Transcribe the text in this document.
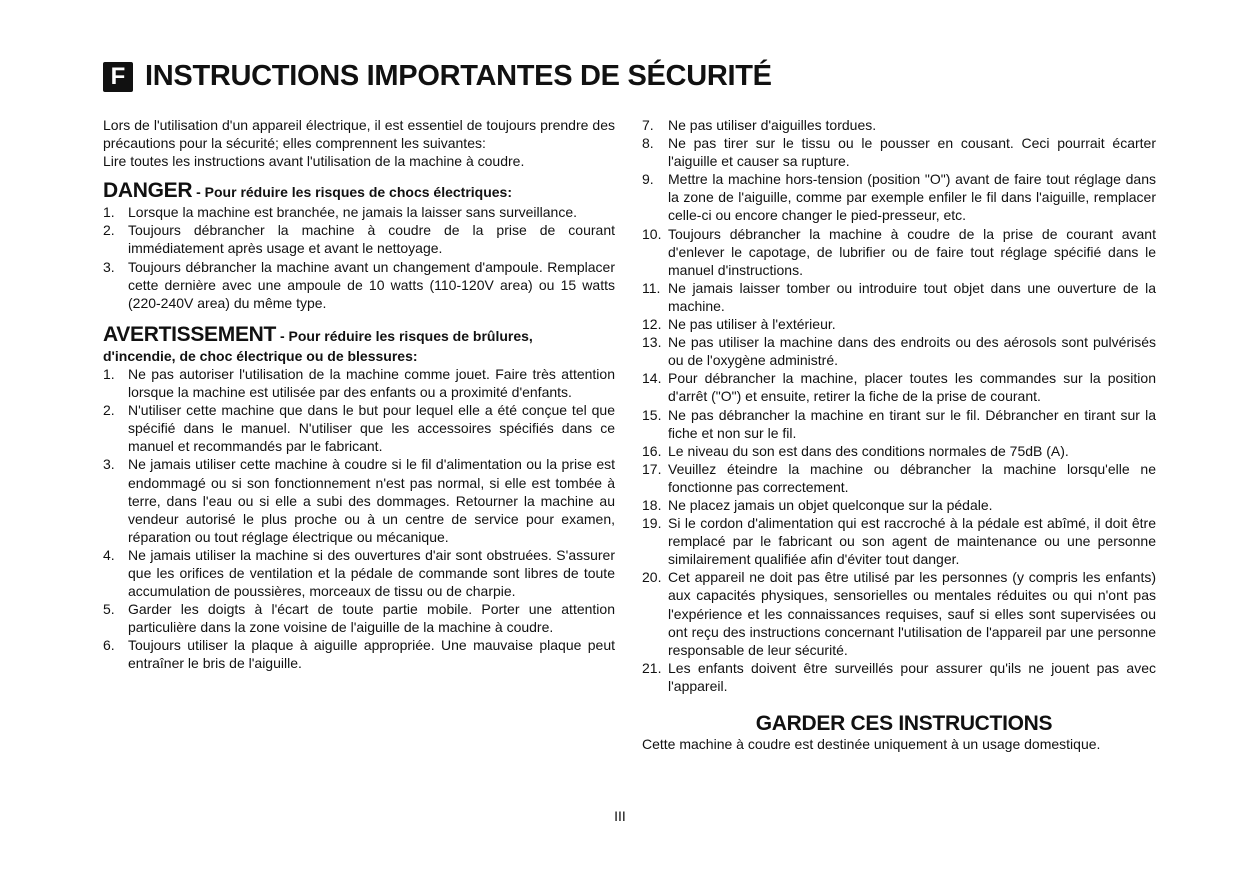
F INSTRUCTIONS IMPORTANTES DE SÉCURITÉ

Lors de l'utilisation d'un appareil électrique, il est essentiel de toujours prendre des précautions pour la sécurité; elles comprennent les suivantes:

Lire toutes les instructions avant l'utilisation de la machine à coudre.

DANGER - Pour réduire les risques de chocs électriques:
1. Lorsque la machine est branchée, ne jamais la laisser sans surveillance.
2. Toujours débrancher la machine à coudre de la prise de courant immédiatement après usage et avant le nettoyage.
3. Toujours débrancher la machine avant un changement d'ampoule. Remplacer cette dernière avec une ampoule de 10 watts (110-120V area) ou 15 watts (220-240V area) du même type.
AVERTISSEMENT - Pour réduire les risques de brûlures,

d'incendie, de choc électrique ou de blessures:

1. Ne pas autoriser l'utilisation de la machine comme jouet. Faire très attention lorsque la machine est utilisée par des enfants ou a proximité d'enfants.
2. N'utiliser cette machine que dans le but pour lequel elle a été conçue tel que spécifié dans le manuel. N'utiliser que les accessoires spécifiés dans ce manuel et recommandés par le fabricant.
3. Ne jamais utiliser cette machine à coudre si le fil d'alimentation ou la prise est endommagé ou si son fonctionnement n'est pas normal, si elle est tombée à terre, dans l'eau ou si elle a subi des dommages. Retourner la machine au vendeur autorisé le plus proche ou à un centre de service pour examen, réparation ou tout réglage électrique ou mécanique.
4. Ne jamais utiliser la machine si des ouvertures d'air sont obstruées. S'assurer que les orifices de ventilation et la pédale de commande sont libres de toute accumulation de poussières, morceaux de tissu ou de charpie.
5. Garder les doigts à l'écart de toute partie mobile. Porter une attention particulière dans la zone voisine de l'aiguille de la machine à coudre.
6. Toujours utiliser la plaque à aiguille appropriée. Une mauvaise plaque peut entraîner le bris de l'aiguille.
7.	Ne pas utiliser d'aiguilles tordues.
8.	Ne pas tirer sur le tissu ou le pousser en cousant. Ceci pourrait écarter l'aiguille et causer sa rupture.
9.	Mettre la machine hors-tension (position "O") avant de faire tout réglage dans la zone de l'aiguille, comme par exemple enfiler le fil dans l'aiguille, remplacer celle-ci ou encore changer le pied-presseur, etc.
10. Toujours débrancher la machine à coudre de la prise de courant avant d'enlever le capotage, de lubrifier ou de faire tout réglage spécifié dans le manuel d'instructions.
11. Ne jamais laisser tomber ou introduire tout objet dans une ouverture de la machine.
12. Ne pas utiliser à l'extérieur.
13. Ne pas utiliser la machine dans des endroits ou des aérosols sont pulvérisés ou de l'oxygène administré.
14. Pour débrancher la machine, placer toutes les commandes sur la position d'arrêt ("O") et ensuite, retirer la fiche de la prise de courant.
15. Ne pas débrancher la machine en tirant sur le fil. Débrancher en tirant sur la fiche et non sur le fil.
16. Le niveau du son est dans des conditions normales de 75dB (A).
17. Veuillez éteindre la machine ou débrancher la machine lorsqu'elle ne fonctionne pas correctement.
18. Ne placez jamais un objet quelconque sur la pédale.
19. Si le cordon d'alimentation qui est raccroché à la pédale est abîmé, il doit être remplacé par le fabricant ou son agent de maintenance ou une personne similairement qualifiée afin d'éviter tout danger.
20. Cet appareil ne doit pas être utilisé par les personnes (y compris les enfants) aux capacités physiques, sensorielles ou mentales réduites ou qui n'ont pas l'expérience et les connaissances requises, sauf si elles sont supervisées ou ont reçu des instructions concernant l'utilisation de l'appareil par une personne responsable de leur sécurité.
21. Les enfants doivent être surveillés pour assurer qu'ils ne jouent pas avec l'appareil.
GARDER CES INSTRUCTIONS

Cette machine à coudre est destinée uniquement à un usage domestique.

III
